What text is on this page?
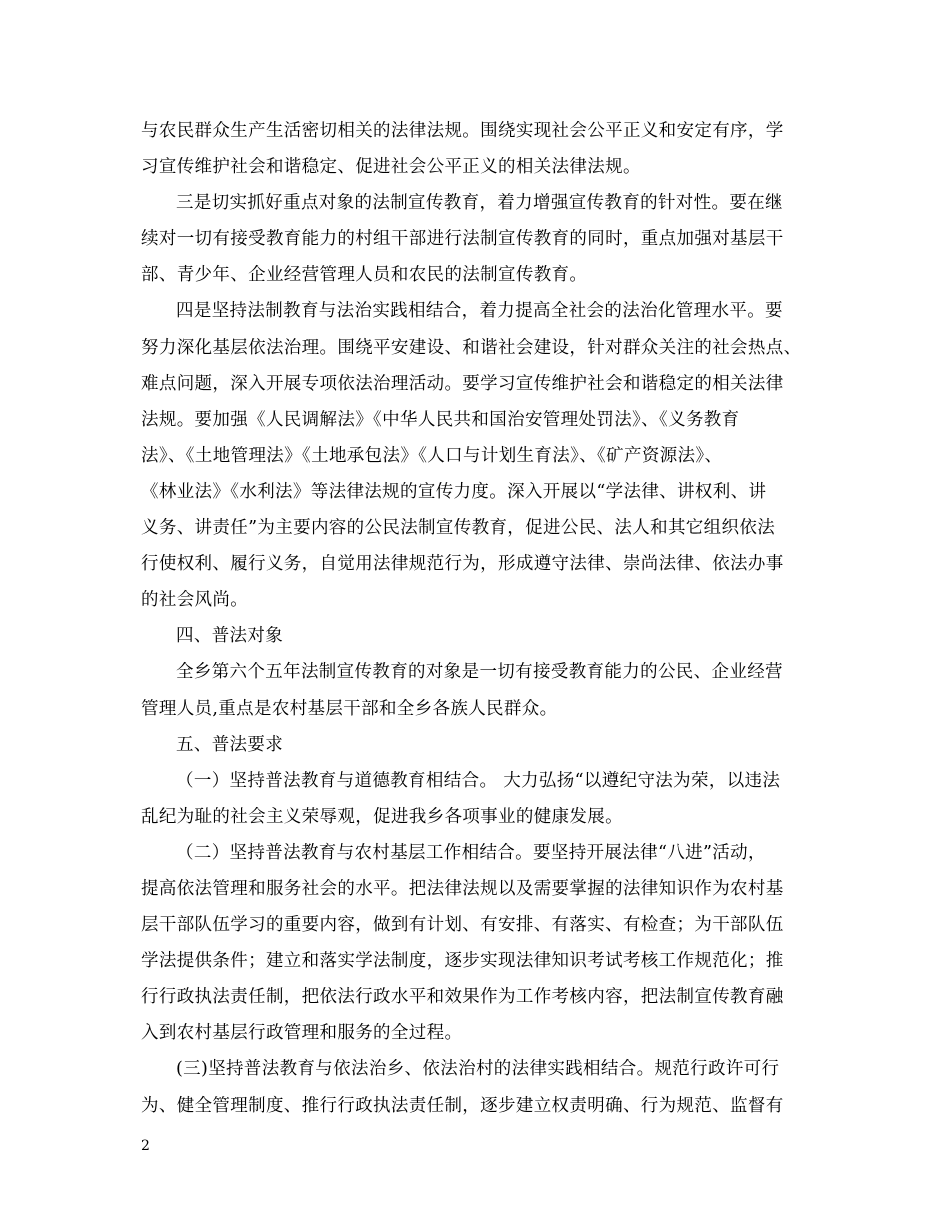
与农民群众生产生活密切相关的法律法规。围绕实现社会公平正义和安定有序，学
习宣传维护社会和谐稳定、促进社会公平正义的相关法律法规。
三是切实抓好重点对象的法制宣传教育，着力增强宣传教育的针对性。要在继
续对一切有接受教育能力的村组干部进行法制宣传教育的同时，重点加强对基层干
部、青少年、企业经营管理人员和农民的法制宣传教育。
四是坚持法制教育与法治实践相结合，着力提高全社会的法治化管理水平。要
努力深化基层依法治理。围绕平安建设、和谐社会建设，针对群众关注的社会热点、
难点问题，深入开展专项依法治理活动。要学习宣传维护社会和谐稳定的相关法律
法规。要加强《人民调解法》《中华人民共和国治安管理处罚法》、《义务教育
法》、《土地管理法》《土地承包法》《人口与计划生育法》、《矿产资源法》、
《林业法》《水利法》等法律法规的宣传力度。深入开展以“学法律、讲权利、讲
义务、讲责任”为主要内容的公民法制宣传教育，促进公民、法人和其它组织依法
行使权利、履行义务，自觉用法律规范行为，形成遵守法律、崇尚法律、依法办事
的社会风尚。
四、普法对象
全乡第六个五年法制宣传教育的对象是一切有接受教育能力的公民、企业经营
管理人员,重点是农村基层干部和全乡各族人民群众。
五、普法要求
（一）坚持普法教育与道德教育相结合。 大力弘扬“以遵纪守法为荣，以违法
乱纪为耻的社会主义荣辱观，促进我乡各项事业的健康发展。
（二）坚持普法教育与农村基层工作相结合。要坚持开展法律“八进”活动，
提高依法管理和服务社会的水平。把法律法规以及需要掌握的法律知识作为农村基
层干部队伍学习的重要内容，做到有计划、有安排、有落实、有检查；为干部队伍
学法提供条件；建立和落实学法制度，逐步实现法律知识考试考核工作规范化；推
行行政执法责任制，把依法行政水平和效果作为工作考核内容，把法制宣传教育融
入到农村基层行政管理和服务的全过程。
(三)坚持普法教育与依法治乡、依法治村的法律实践相结合。规范行政许可行
为、健全管理制度、推行行政执法责任制，逐步建立权责明确、行为规范、监督有
2
